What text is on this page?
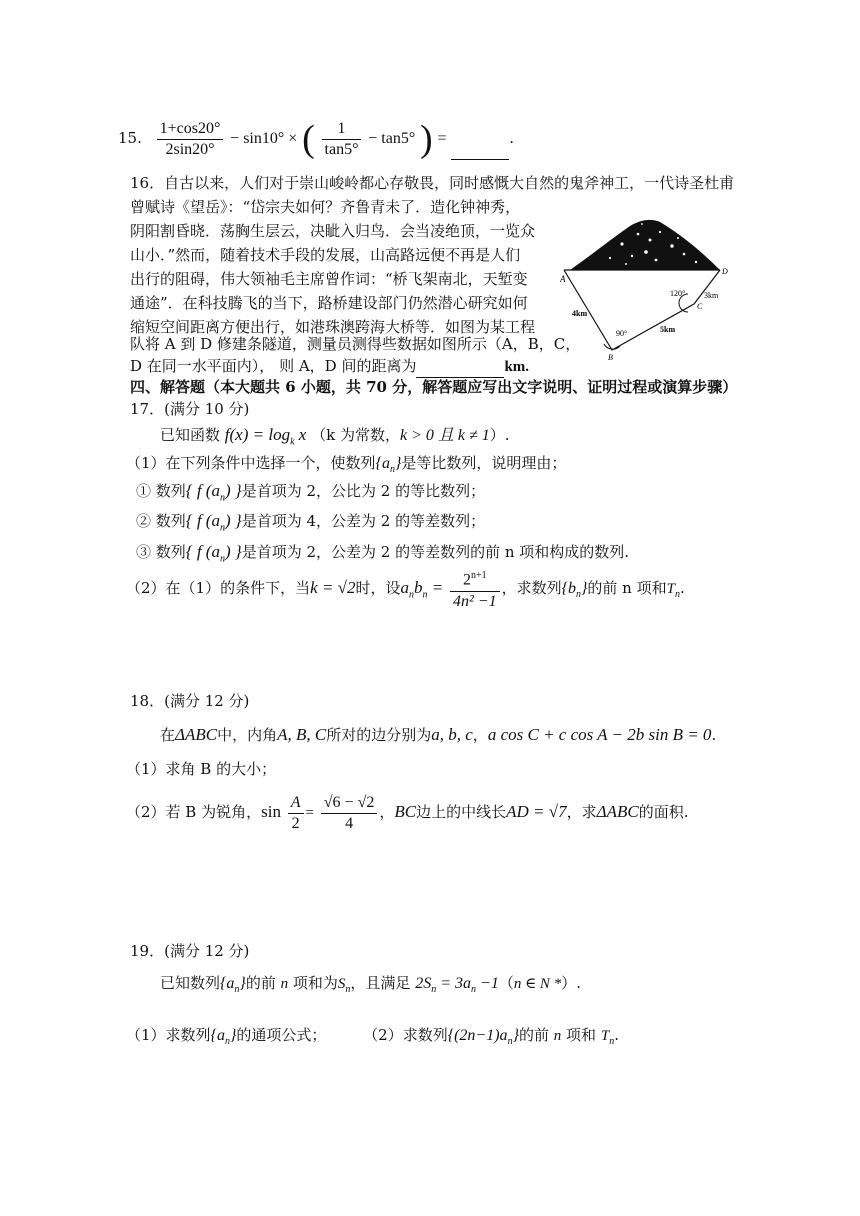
15. $\frac{1+\cos 20^\circ}{2\sin 20^\circ} - \sin 10^\circ$ × ( $\frac{1}{\tan 5^\circ} - \tan 5^\circ$ ) =	.
16．自古以来，人们对于崇山峻岭都心存敬畏，同时感慨大自然的鬼斧神工，一代诗圣杜甫
曾赋诗《望岳》：“岱宗夫如何？齐鲁青未了．造化钟神秀，
阴阳割昏晓．荡胸生层云，决眦入归鸟．会当凌绝顶，一览众
山小．”然而，随着技术手段的发展，山高路远便不再是人们
出行的阻碍，伟大领袖毛主席曾作词：“桥飞架南北，天堑变
通途”．在科技腾飞的当下，路桥建设部门仍然潜心研究如何
缩短空间距离方便出行，如港珠澳跨海大桥等．如图为某工程
队将 A 到 D 修建条隧道，测量员测得些数据如图所示（A，B，C，
D 在同一水平面内）， 则 A，D 间的距离为	km.
A
D
C
B
120°
90°
4km
5km
3km
四、解答题（本大题共 6 小题，共 70 分，解答题应写出文字说明、证明过程或演算步骤）
17．(满分 10 分)
已知函数 $f(x) = \log_k x$ （k 为常数，k > 0 且 k ≠ 1）.
（1）在下列条件中选择一个，使数列$\{a_n\}$是等比数列，说明理由；
① 数列{ f $(a_n)$ }是首项为 2，公比为 2 的等比数列；
② 数列{ f $(a_n)$ }是首项为 4，公差为 2 的等差数列；
③ 数列{ f $(a_n)$ }是首项为 2，公差为 2 的等差数列的前 n 项和构成的数列.
（2）在（1）的条件下，当k = √2时，设$a_nb_n = \frac{2^{n+1}}{\text{4n² −1}}$ ，求数列$\{b_n\}$的前 n 项和$T_n$.
18．(满分 12 分)
在ΔABC中，内角A, B, C所对的边分别为a, b, c，a cos C + c cos A − 2b sin B = 0.
（1）求角 B 的大小；
（2）若 B 为锐角，$\sin \frac{A}{2} = \frac{√6 - √2}{4}$ ，BC边上的中线长AD = √7，求ΔABC的面积.
19．(满分 12 分)
已知数列$\{a_n\}$的前 n 项和为$S_n$，且满足 $2S_n = 3a_n -1(n$ ∈ N *）.
（1）求数列$\{a_n\}$的通项公式； （2）求数列$\{(2n-1)a_n\}$的前 n 项和 $T_n$.
